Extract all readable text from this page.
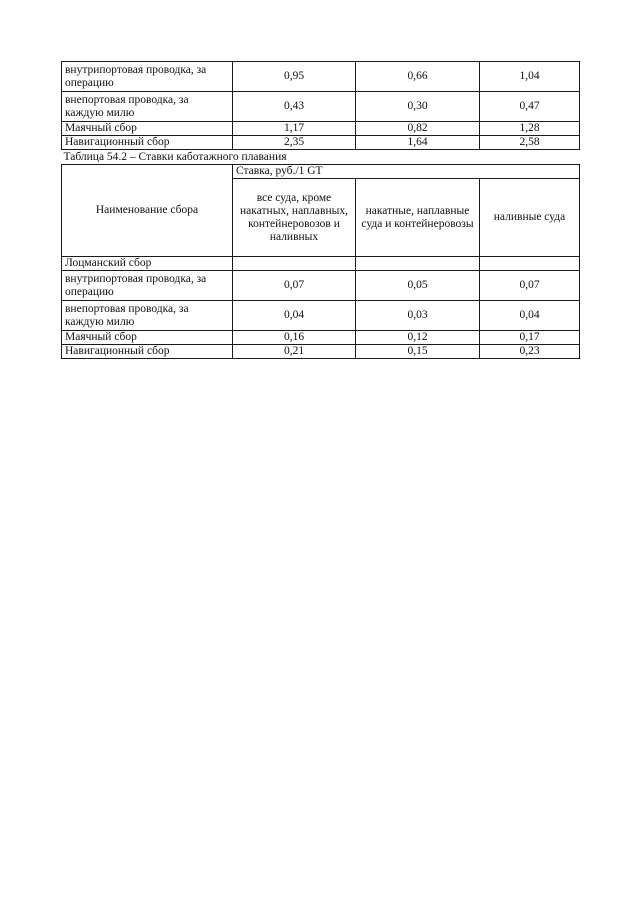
внутрипортовая проводка, за операцию	0,95	0,66	1,04
внепортовая проводка, за каждую милю	0,43	0,30	0,47
Маячный сбор	1,17	0,82	1,28
Навигационный сбор	2,35	1,64	2,58
Таблица 54.2 – Ставки каботажного плавания			
Наименование сбора	Ставка, руб./1 GT		
	все суда, кроме накатных, наплавных, контейнеровозов и наливных	накатные, наплавные суда и контейнеровозы	наливные суда
Лоцманский сбор			
внутрипортовая проводка, за операцию	0,07	0,05	0,07
внепортовая проводка, за каждую милю	0,04	0,03	0,04
Маячный сбор	0,16	0,12	0,17
Навигационный сбор	0,21	0,15	0,23
